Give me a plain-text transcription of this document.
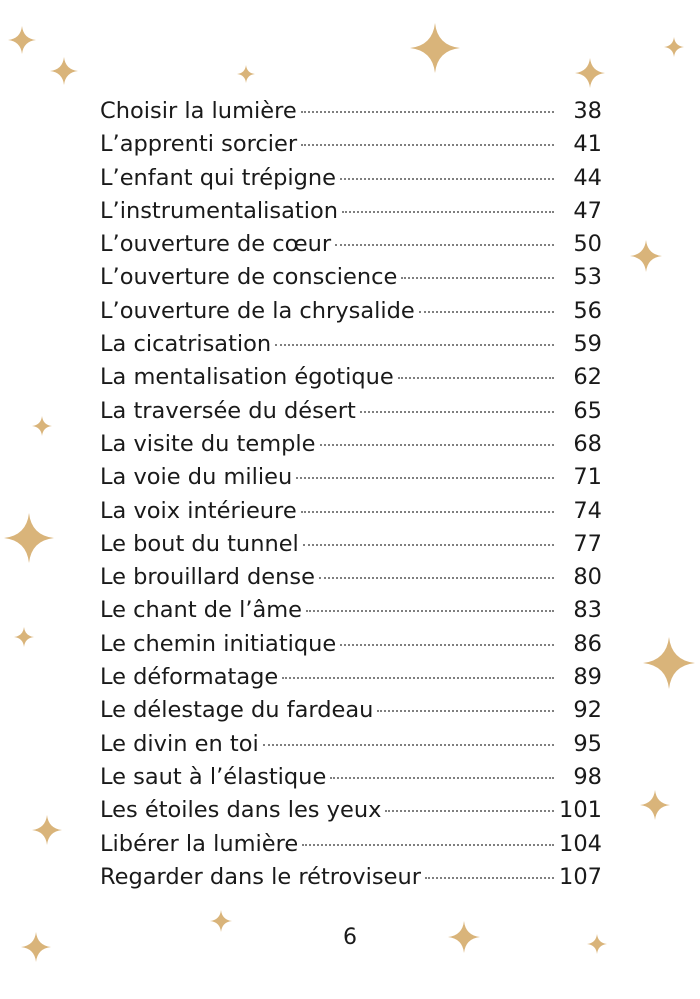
Choisir la lumière	38
L’apprenti sorcier	41
L’enfant qui trépigne	44
L’instrumentalisation	47
L’ouverture de cœur	50
L’ouverture de conscience	53
L’ouverture de la chrysalide	56
La cicatrisation	59
La mentalisation égotique	62
La traversée du désert	65
La visite du temple	68
La voie du milieu	71
La voix intérieure	74
Le bout du tunnel	77
Le brouillard dense	80
Le chant de l’âme	83
Le chemin initiatique	86
Le déformatage	89
Le délestage du fardeau	92
Le divin en toi	95
Le saut à l’élastique	98
Les étoiles dans les yeux	101
Libérer la lumière	104
Regarder dans le rétroviseur	107
6
